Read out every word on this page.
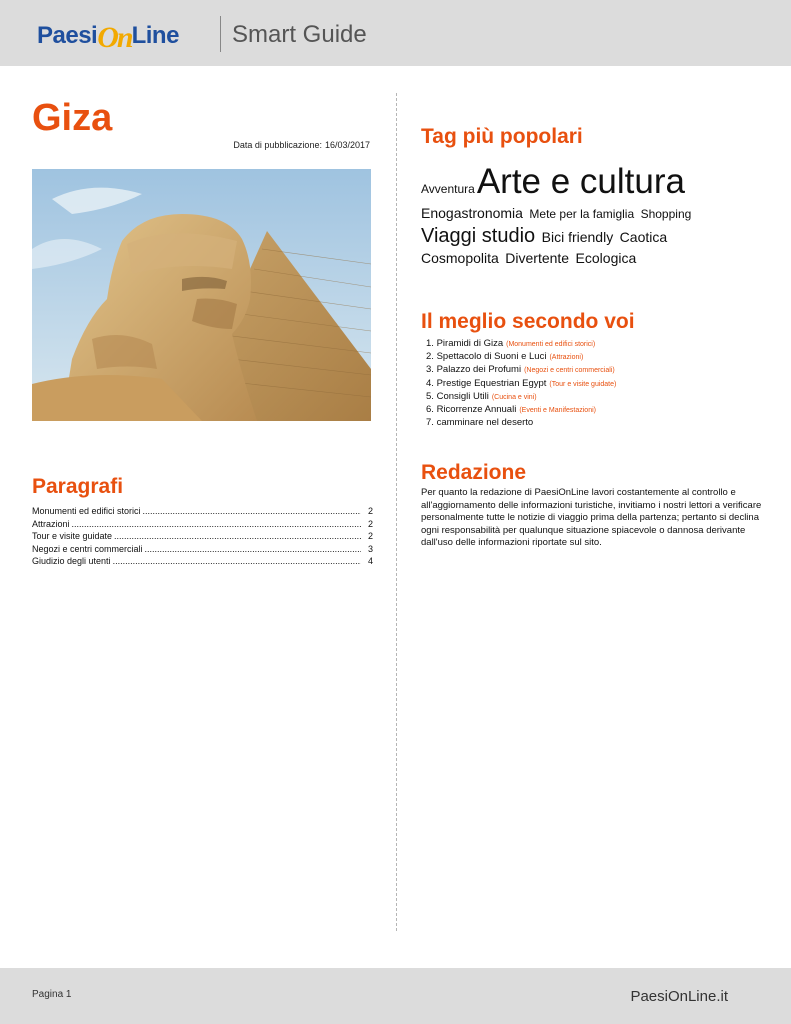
PaesiOnLine Smart Guide
Giza
Data di pubblicazione: 16/03/2017
Paragrafi
Monumenti ed edifici storici .....	2
Attrazioni .....	2
Tour e visite guidate .....	2
Negozi e centri commerciali .....	3
Giudizio degli utenti .....	4
Tag più popolari
AvventuraArte e cultura
Enogastronomia Mete per la famiglia Shopping
Viaggi studio Bici friendly Caotica
Cosmopolita Divertente Ecologica
Il meglio secondo voi
1. Piramidi di Giza (Monumenti ed edifici storici)
2. Spettacolo di Suoni e Luci (Attrazioni)
3. Palazzo dei Profumi (Negozi e centri commerciali)
4. Prestige Equestrian Egypt (Tour e visite guidate)
5. Consigli Utili (Cucina e vini)
6. Ricorrenze Annuali (Eventi e Manifestazioni)
7. camminare nel deserto
Redazione

Per quanto la redazione di PaesiOnLine lavori costantemente al controllo e all'aggiornamento delle informazioni turistiche, invitiamo i nostri lettori a verificare personalmente tutte le notizie di viaggio prima della partenza; pertanto si declina ogni responsabilità per qualunque situazione spiacevole o dannosa derivante dall'uso delle informazioni riportate sul sito.

Pagina 1	PaesiOnLine.it
